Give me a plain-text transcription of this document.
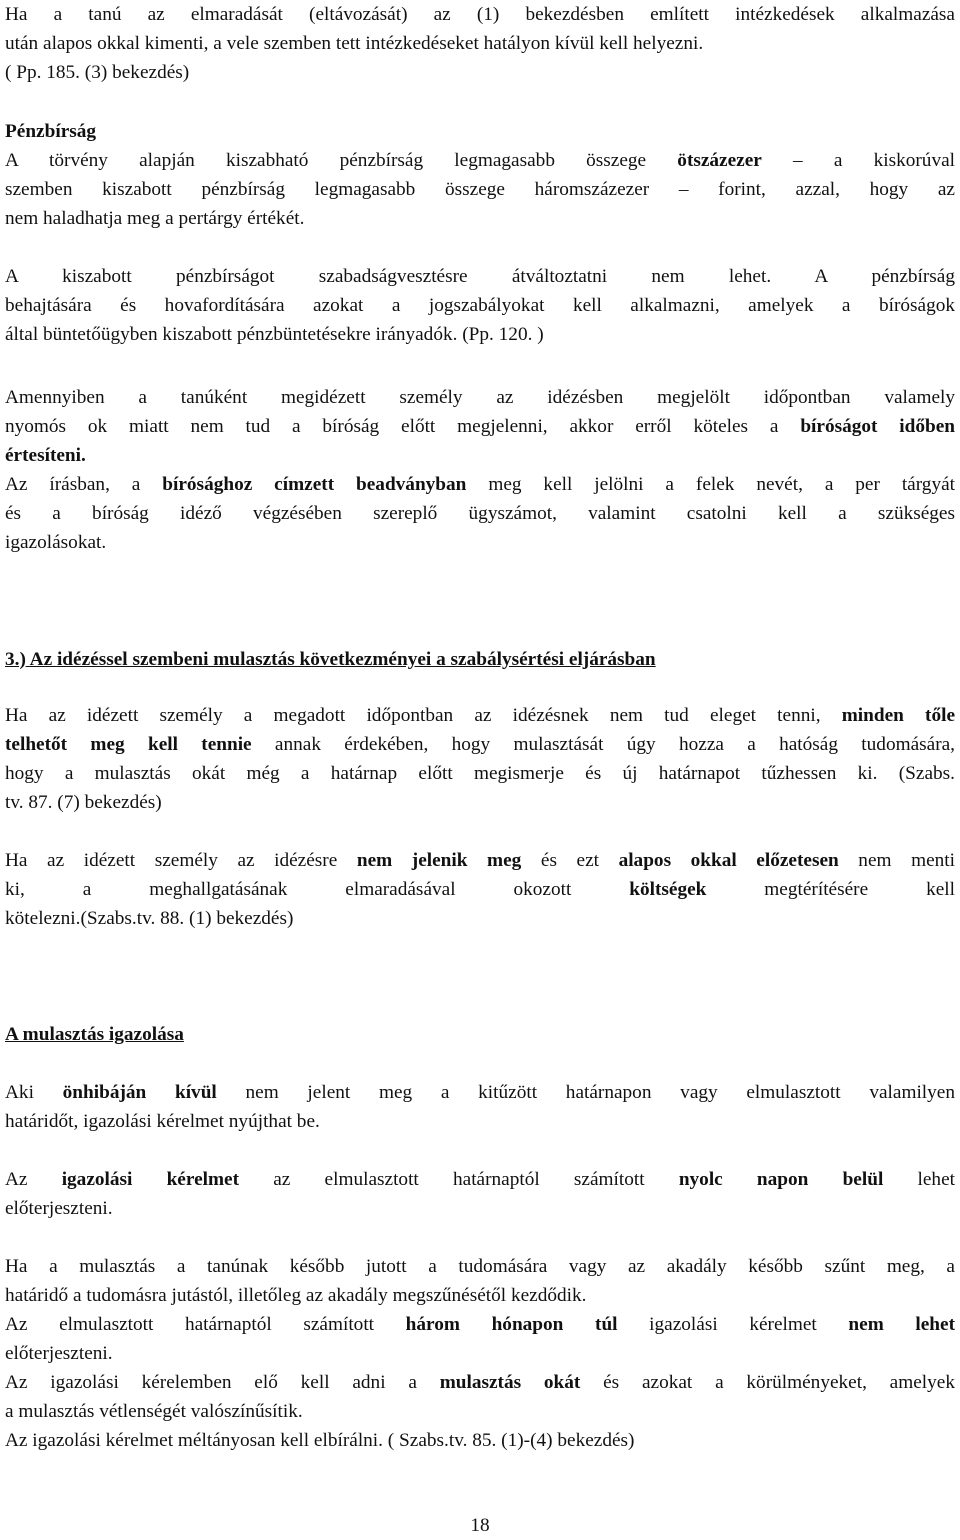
Ha a tanú az elmaradását (eltávozását) az (1) bekezdésben említett intézkedések alkalmazása
után alapos okkal kimenti, a vele szemben tett intézkedéseket hatályon kívül kell helyezni.
( Pp. 185. (3) bekezdés)
Pénzbírság
A törvény alapján kiszabható pénzbírság legmagasabb összege ötszázezer – a kiskorúval
szemben kiszabott pénzbírság legmagasabb összege háromszázezer – forint, azzal, hogy az
nem haladhatja meg a pertárgy értékét.
A kiszabott pénzbírságot szabadságvesztésre átváltoztatni nem lehet. A pénzbírság
behajtására és hovafordítására azokat a jogszabályokat kell alkalmazni, amelyek a bíróságok
által büntetőügyben kiszabott pénzbüntetésekre irányadók. (Pp. 120. )
Amennyiben a tanúként megidézett személy az idézésben megjelölt időpontban valamely
nyomós ok miatt nem tud a bíróság előtt megjelenni, akkor erről köteles a bíróságot időben
értesíteni.
Az írásban, a bírósághoz címzett beadványban meg kell jelölni a felek nevét, a per tárgyát
és a bíróság idéző végzésében szereplő ügyszámot, valamint csatolni kell a szükséges
igazolásokat.
3.) Az idézéssel szembeni mulasztás következményei a szabálysértési eljárásban
Ha az idézett személy a megadott időpontban az idézésnek nem tud eleget tenni, minden tőle
telhetőt meg kell tennie annak érdekében, hogy mulasztását úgy hozza a hatóság tudomására,
hogy a mulasztás okát még a határnap előtt megismerje és új határnapot tűzhessen ki. (Szabs.
tv. 87. (7) bekezdés)
Ha az idézett személy az idézésre nem jelenik meg és ezt alapos okkal előzetesen nem menti
ki, a meghallgatásának elmaradásával okozott költségek megtérítésére kell
kötelezni.(Szabs.tv. 88. (1) bekezdés)
A mulasztás igazolása
Aki önhibáján kívül nem jelent meg a kitűzött határnapon vagy elmulasztott valamilyen
határidőt, igazolási kérelmet nyújthat be.
Az igazolási kérelmet az elmulasztott határnaptól számított nyolc napon belül lehet
előterjeszteni.
Ha a mulasztás a tanúnak később jutott a tudomására vagy az akadály később szűnt meg, a
határidő a tudomásra jutástól, illetőleg az akadály megszűnésétől kezdődik.
Az elmulasztott határnaptól számított három hónapon túl igazolási kérelmet nem lehet
előterjeszteni.
Az igazolási kérelemben elő kell adni a mulasztás okát és azokat a körülményeket, amelyek
a mulasztás vétlenségét valószínűsítik.
Az igazolási kérelmet méltányosan kell elbírálni. ( Szabs.tv. 85. (1)-(4) bekezdés)
18
